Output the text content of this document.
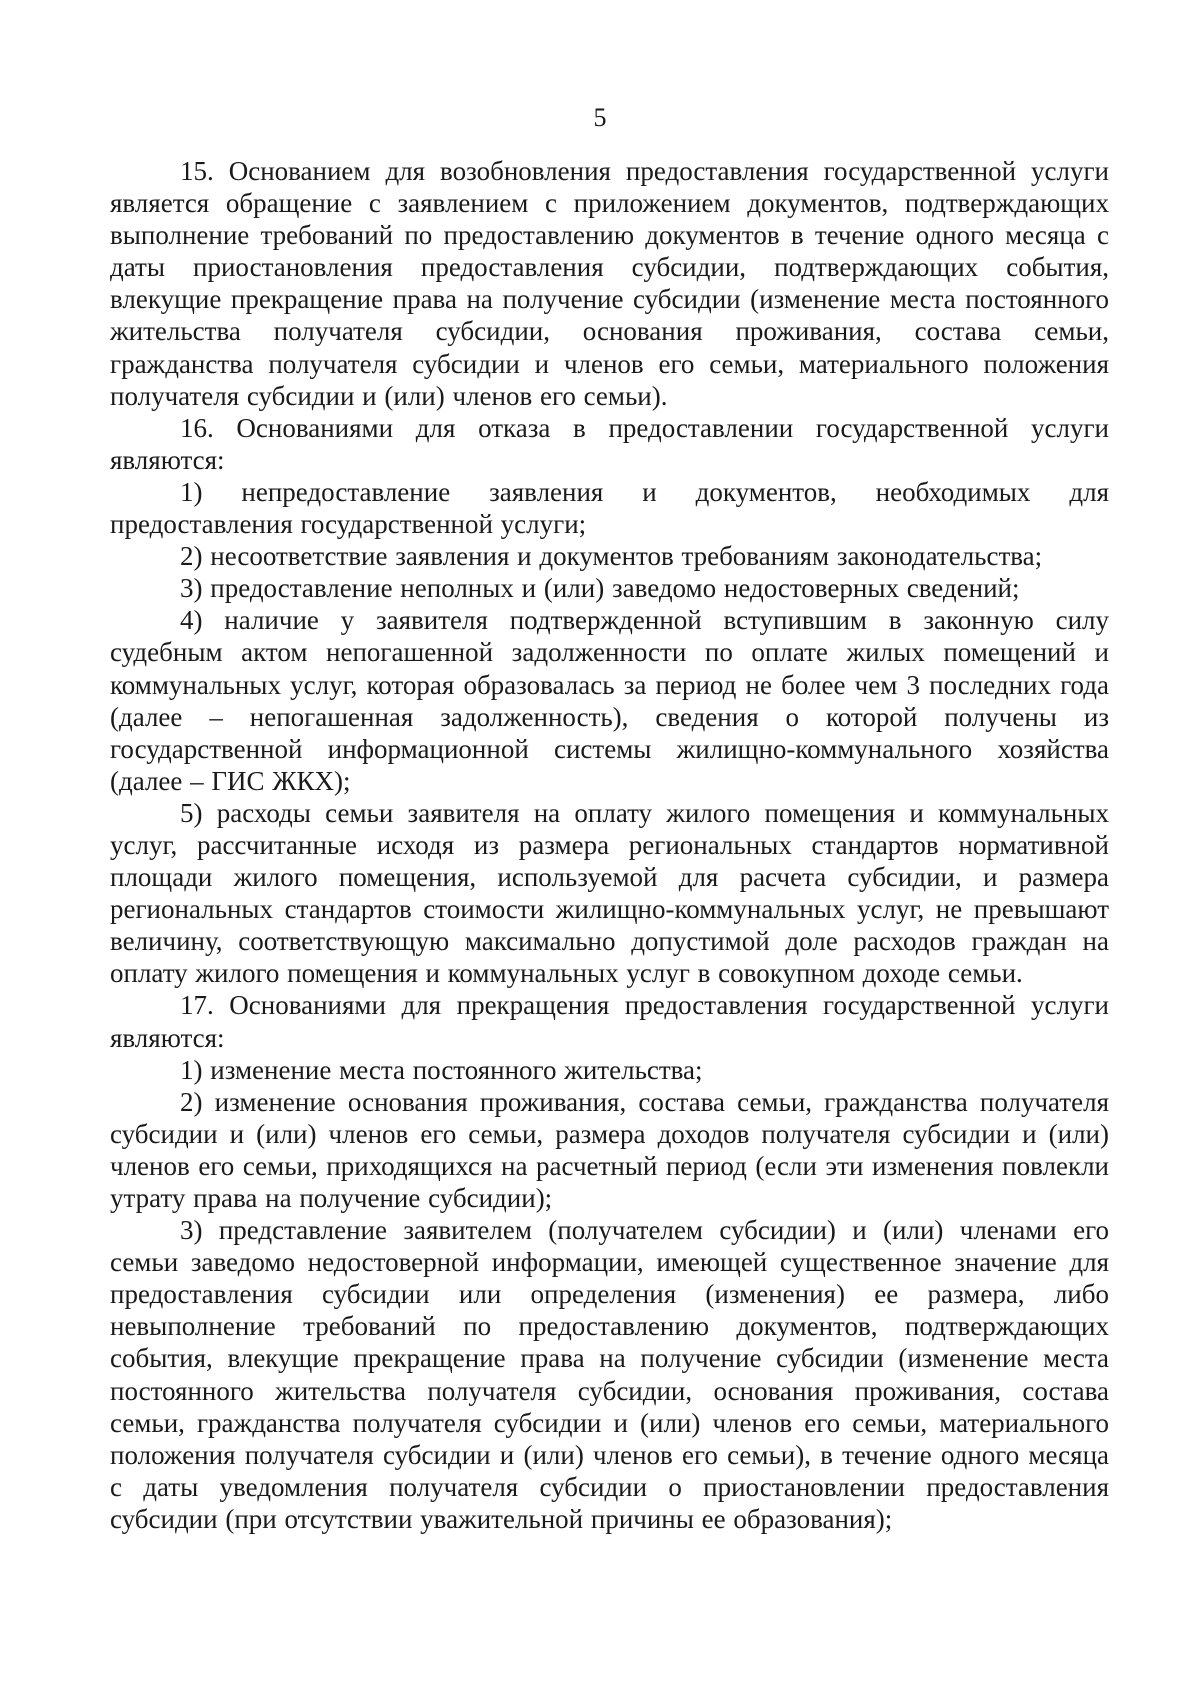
5

15. Основанием для возобновления предоставления государственной услуги является обращение с заявлением с приложением документов, подтверждающих выполнение требований по предоставлению документов в течение одного месяца с даты приостановления предоставления субсидии, подтверждающих события, влекущие прекращение права на получение субсидии (изменение места постоянного жительства получателя субсидии, основания проживания, состава семьи, гражданства получателя субсидии и членов его семьи, материального положения получателя субсидии и (или) членов его семьи).

16. Основаниями для отказа в предоставлении государственной услуги являются:

1) непредоставление заявления и документов, необходимых для предоставления государственной услуги;

2) несоответствие заявления и документов требованиям законодательства;

3) предоставление неполных и (или) заведомо недостоверных сведений;

4) наличие у заявителя подтвержденной вступившим в законную силу судебным актом непогашенной задолженности по оплате жилых помещений и коммунальных услуг, которая образовалась за период не более чем 3 последних года (далее – непогашенная задолженность), сведения о которой получены из государственной информационной системы жилищно-коммунального хозяйства (далее – ГИС ЖКХ);

5) расходы семьи заявителя на оплату жилого помещения и коммунальных услуг, рассчитанные исходя из размера региональных стандартов нормативной площади жилого помещения, используемой для расчета субсидии, и размера региональных стандартов стоимости жилищно-коммунальных услуг, не превышают величину, соответствующую максимально допустимой доле расходов граждан на оплату жилого помещения и коммунальных услуг в совокупном доходе семьи.

17. Основаниями для прекращения предоставления государственной услуги являются:

1) изменение места постоянного жительства;

2) изменение основания проживания, состава семьи, гражданства получателя субсидии и (или) членов его семьи, размера доходов получателя субсидии и (или) членов его семьи, приходящихся на расчетный период (если эти изменения повлекли утрату права на получение субсидии);

3) представление заявителем (получателем субсидии) и (или) членами его семьи заведомо недостоверной информации, имеющей существенное значение для предоставления субсидии или определения (изменения) ее размера, либо невыполнение требований по предоставлению документов, подтверждающих события, влекущие прекращение права на получение субсидии (изменение места постоянного жительства получателя субсидии, основания проживания, состава семьи, гражданства получателя субсидии и (или) членов его семьи, материального положения получателя субсидии и (или) членов его семьи), в течение одного месяца с даты уведомления получателя субсидии о приостановлении предоставления субсидии (при отсутствии уважительной причины ее образования);
